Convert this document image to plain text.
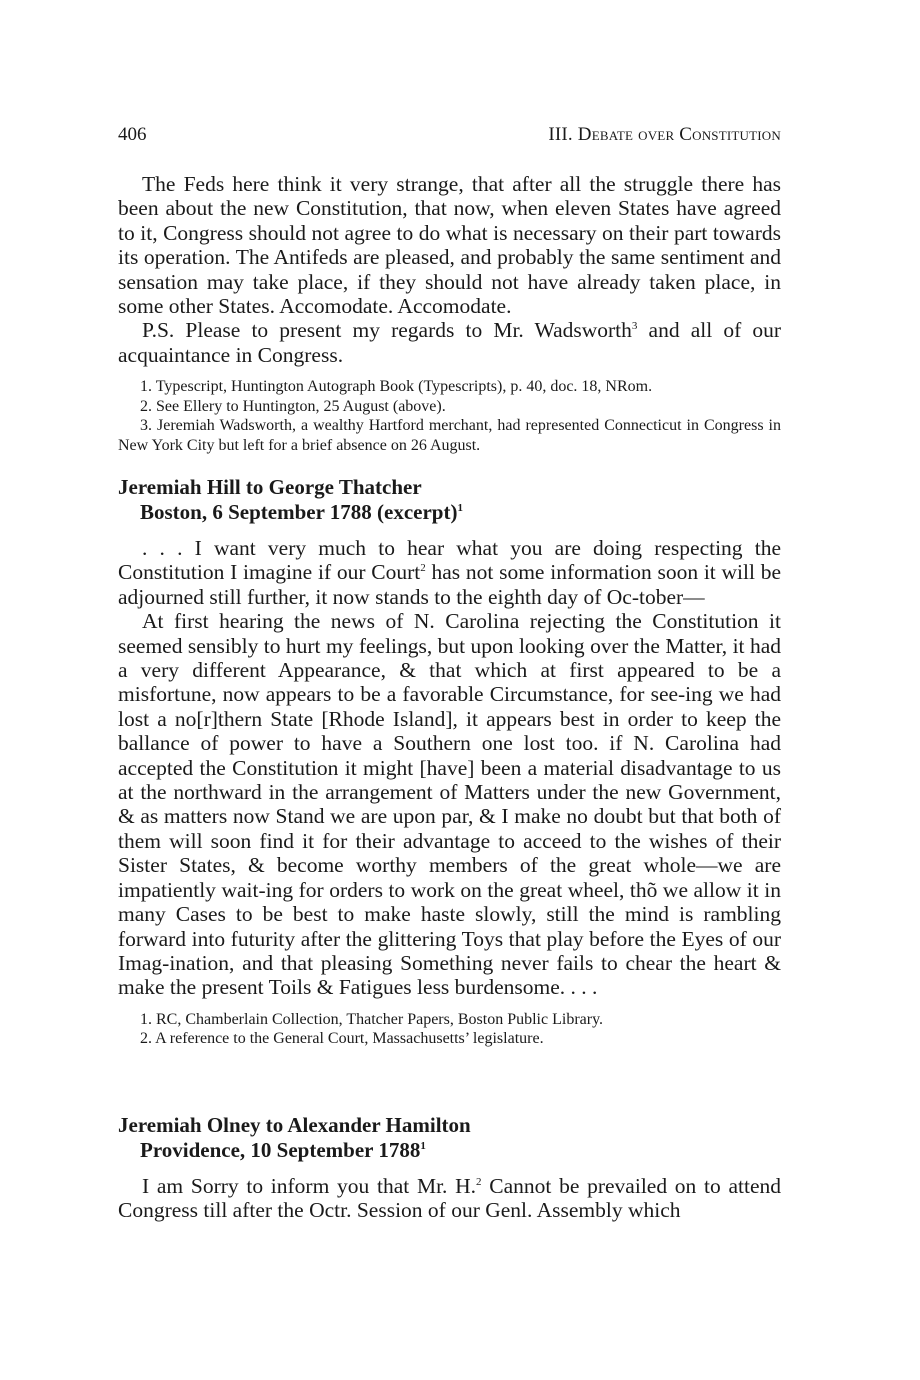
406	III. Debate over Constitution

The Feds here think it very strange, that after all the struggle there has been about the new Constitution, that now, when eleven States have agreed to it, Congress should not agree to do what is necessary on their part towards its operation. The Antifeds are pleased, and probably the same sentiment and sensation may take place, if they should not have already taken place, in some other States. Accomodate. Accomodate.

P.S. Please to present my regards to Mr. Wadsworth$^3$ and all of our acquaintance in Congress.

1. Typescript, Huntington Autograph Book (Typescripts), p. 40, doc. 18, NRom.

2. See Ellery to Huntington, 25 August (above).

3. Jeremiah Wadsworth, a wealthy Hartford merchant, had represented Connecticut in Congress in New York City but left for a brief absence on 26 August.

Jeremiah Hill to George Thatcher
Boston, 6 September 1788 (excerpt)$^1$

. . . I want very much to hear what you are doing respecting the Constitution I imagine if our Court$^2$ has not some information soon it will be adjourned still further, it now stands to the eighth day of Oc-tober—

At first hearing the news of N. Carolina rejecting the Constitution it seemed sensibly to hurt my feelings, but upon looking over the Matter, it had a very different Appearance, & that which at first appeared to be a misfortune, now appears to be a favorable Circumstance, for see-ing we had lost a no[r]thern State [Rhode Island], it appears best in order to keep the ballance of power to have a Southern one lost too. if N. Carolina had accepted the Constitution it might [have] been a material disadvantage to us at the northward in the arrangement of Matters under the new Government, & as matters now Stand we are upon par, & I make no doubt but that both of them will soon find it for their advantage to acceed to the wishes of their Sister States, & become worthy members of the great whole—we are impatiently wait-ing for orders to work on the great wheel, thõ we allow it in many Cases to be best to make haste slowly, still the mind is rambling forward into futurity after the glittering Toys that play before the Eyes of our Imag-ination, and that pleasing Something never fails to chear the heart & make the present Toils & Fatigues less burdensome. . . .

1. RC, Chamberlain Collection, Thatcher Papers, Boston Public Library.

2. A reference to the General Court, Massachusetts’ legislature.

Jeremiah Olney to Alexander Hamilton
Providence, 10 September 1788$^1$

I am Sorry to inform you that Mr. H.$^2$ Cannot be prevailed on to attend Congress till after the Octr. Session of our Genl. Assembly which
